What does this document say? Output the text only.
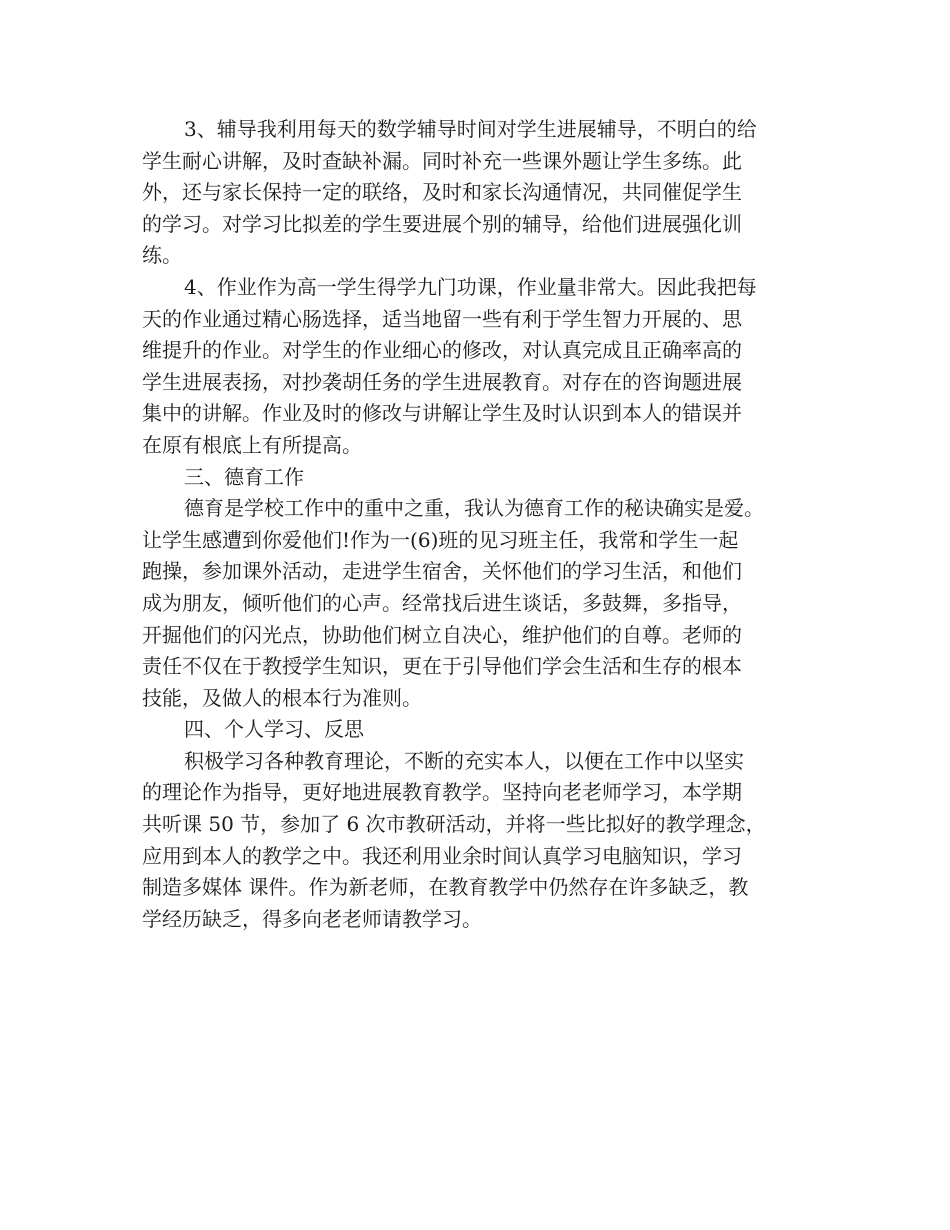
3、辅导我利用每天的数学辅导时间对学生进展辅导，不明白的给
学生耐心讲解，及时查缺补漏。同时补充一些课外题让学生多练。此
外，还与家长保持一定的联络，及时和家长沟通情况，共同催促学生
的学习。对学习比拟差的学生要进展个别的辅导，给他们进展强化训
练。
4、作业作为高一学生得学九门功课，作业量非常大。因此我把每
天的作业通过精心肠选择，适当地留一些有利于学生智力开展的、思
维提升的作业。对学生的作业细心的修改，对认真完成且正确率高的
学生进展表扬，对抄袭胡任务的学生进展教育。对存在的咨询题进展
集中的讲解。作业及时的修改与讲解让学生及时认识到本人的错误并
在原有根底上有所提高。
三、德育工作
德育是学校工作中的重中之重，我认为德育工作的秘诀确实是爱。
让学生感遭到你爱他们!作为一(6)班的见习班主任，我常和学生一起
跑操，参加课外活动，走进学生宿舍，关怀他们的学习生活，和他们
成为朋友，倾听他们的心声。经常找后进生谈话，多鼓舞，多指导，
开掘他们的闪光点，协助他们树立自决心，维护他们的自尊。老师的
责任不仅在于教授学生知识，更在于引导他们学会生活和生存的根本
技能，及做人的根本行为准则。
四、个人学习、反思
积极学习各种教育理论，不断的充实本人，以便在工作中以坚实
的理论作为指导，更好地进展教育教学。坚持向老老师学习，本学期
共听课 50 节，参加了 6 次市教研活动，并将一些比拟好的教学理念，
应用到本人的教学之中。我还利用业余时间认真学习电脑知识，学习
制造多媒体 课件。作为新老师，在教育教学中仍然存在许多缺乏，教
学经历缺乏，得多向老老师请教学习。
